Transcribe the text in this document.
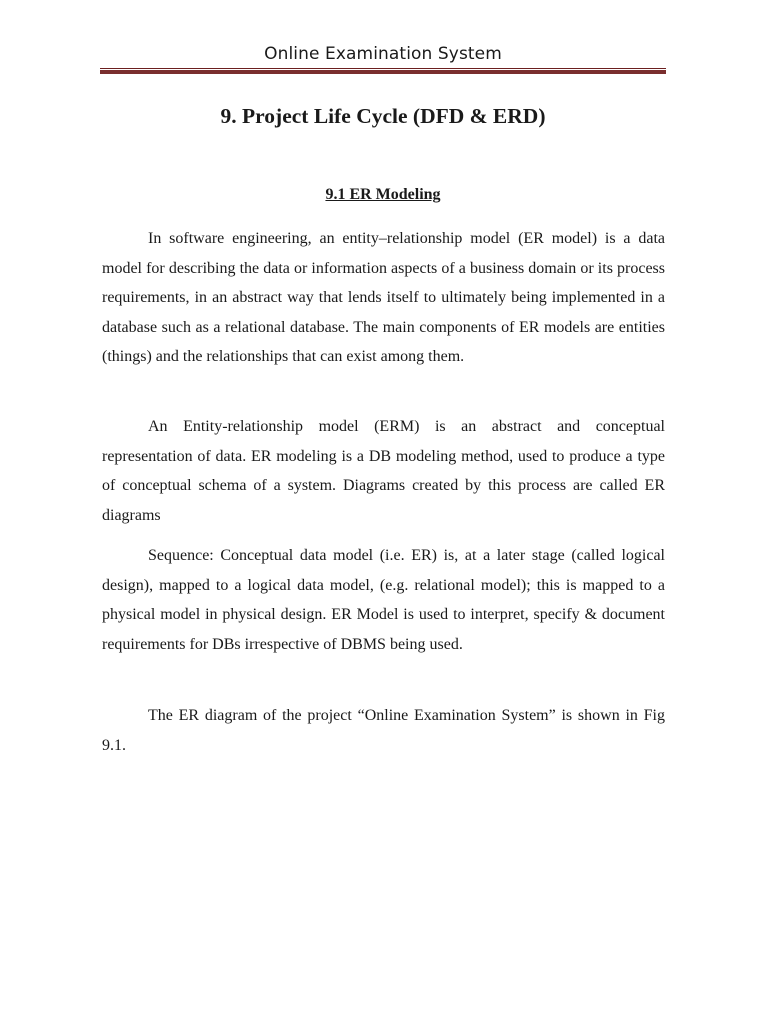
Online Examination System
9. Project Life Cycle (DFD & ERD)
9.1 ER Modeling

In software engineering, an entity–relationship model (ER model) is a data model for describing the data or information aspects of a business domain or its process requirements, in an abstract way that lends itself to ultimately being implemented in a database such as a relational database. The main components of ER models are entities (things) and the relationships that can exist among them.

An Entity-relationship model (ERM) is an abstract and conceptual representation of data. ER modeling is a DB modeling method, used to produce a type of conceptual schema of a system. Diagrams created by this process are called ER diagrams

Sequence: Conceptual data model (i.e. ER) is, at a later stage (called logical design), mapped to a logical data model, (e.g. relational model); this is mapped to a physical model in physical design. ER Model is used to interpret, specify & document requirements for DBs irrespective of DBMS being used.

The ER diagram of the project “Online Examination System” is shown in Fig 9.1.
